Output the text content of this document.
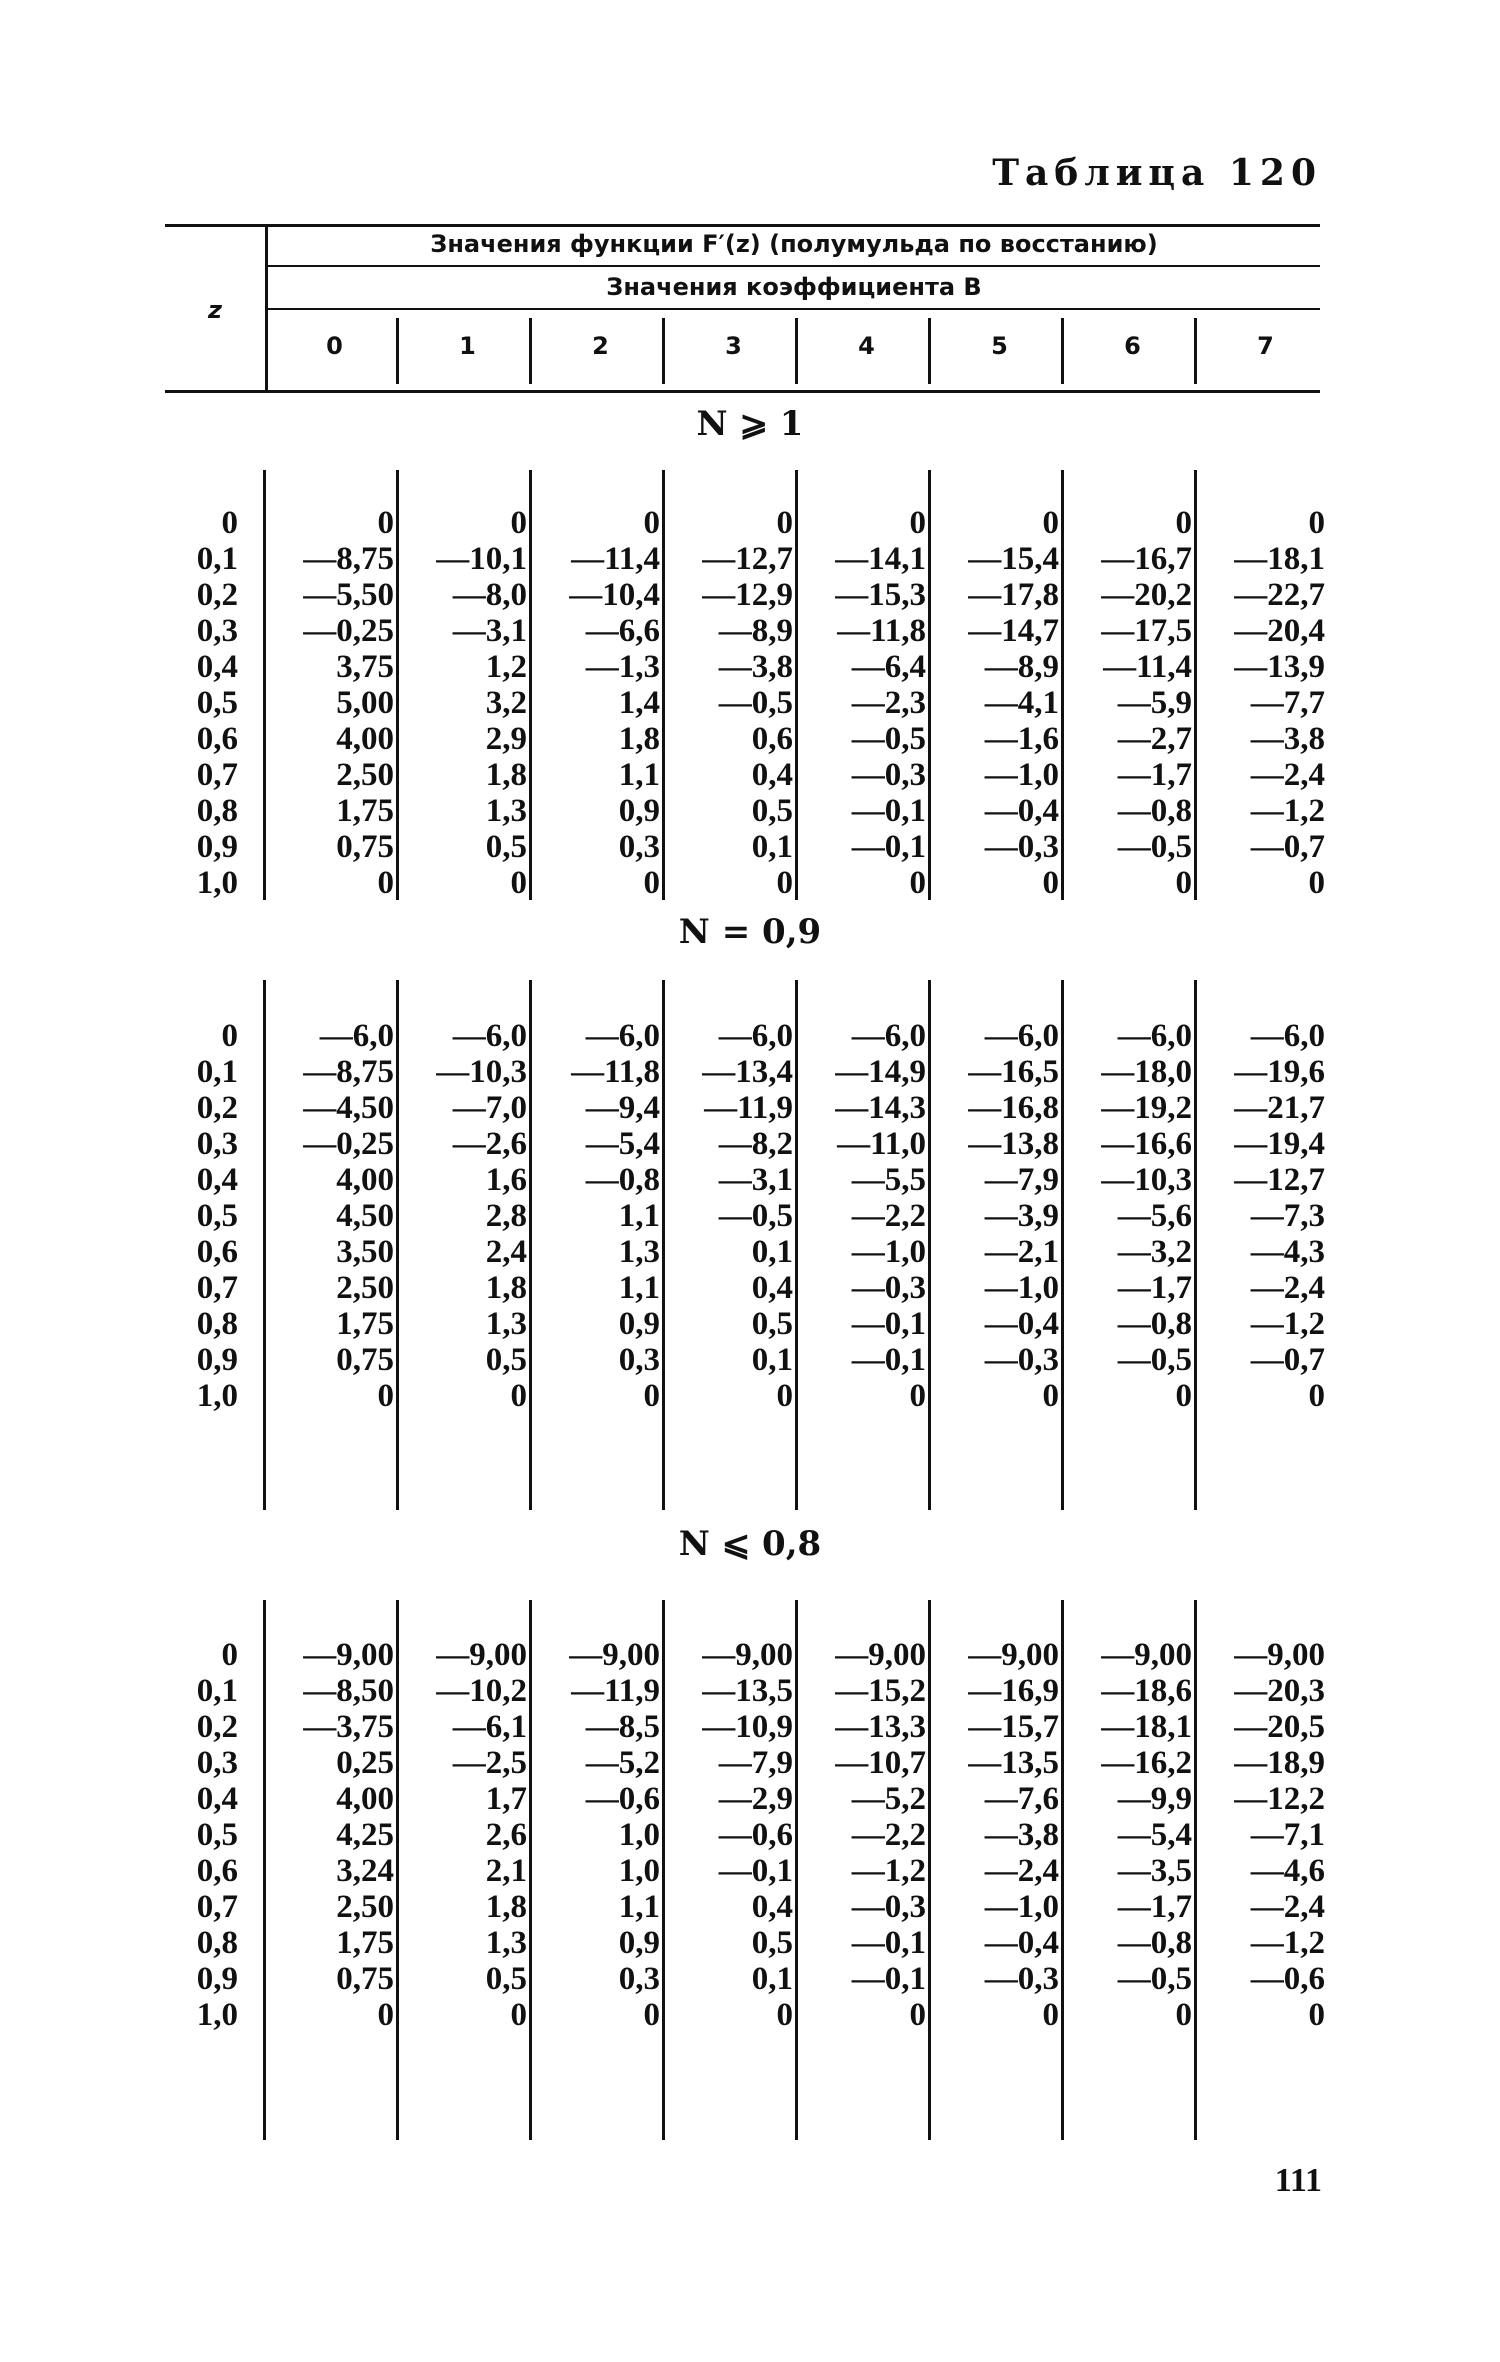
Таблица 120
z
Значения функции F′(z) (полумульда по восстанию)
Значения коэффициента B
0	1	2	3	4	5	6	7
N ⩾ 1
N = 0,9
N ⩽ 0,8
0	0	0	0	0	0	0	0	0
0,1	—8,75	—10,1	—11,4	—12,7	—14,1	—15,4	—16,7	—18,1
0,2	—5,50	—8,0	—10,4	—12,9	—15,3	—17,8	—20,2	—22,7
0,3	—0,25	—3,1	—6,6	—8,9	—11,8	—14,7	—17,5	—20,4
0,4	3,75	1,2	—1,3	—3,8	—6,4	—8,9	—11,4	—13,9
0,5	5,00	3,2	1,4	—0,5	—2,3	—4,1	—5,9	—7,7
0,6	4,00	2,9	1,8	0,6	—0,5	—1,6	—2,7	—3,8
0,7	2,50	1,8	1,1	0,4	—0,3	—1,0	—1,7	—2,4
0,8	1,75	1,3	0,9	0,5	—0,1	—0,4	—0,8	—1,2
0,9	0,75	0,5	0,3	0,1	—0,1	—0,3	—0,5	—0,7
1,0	0	0	0	0	0	0	0	0
0	—6,0	—6,0	—6,0	—6,0	—6,0	—6,0	—6,0	—6,0
0,1	—8,75	—10,3	—11,8	—13,4	—14,9	—16,5	—18,0	—19,6
0,2	—4,50	—7,0	—9,4	—11,9	—14,3	—16,8	—19,2	—21,7
0,3	—0,25	—2,6	—5,4	—8,2	—11,0	—13,8	—16,6	—19,4
0,4	4,00	1,6	—0,8	—3,1	—5,5	—7,9	—10,3	—12,7
0,5	4,50	2,8	1,1	—0,5	—2,2	—3,9	—5,6	—7,3
0,6	3,50	2,4	1,3	0,1	—1,0	—2,1	—3,2	—4,3
0,7	2,50	1,8	1,1	0,4	—0,3	—1,0	—1,7	—2,4
0,8	1,75	1,3	0,9	0,5	—0,1	—0,4	—0,8	—1,2
0,9	0,75	0,5	0,3	0,1	—0,1	—0,3	—0,5	—0,7
1,0	0	0	0	0	0	0	0	0
0	—9,00	—9,00	—9,00	—9,00	—9,00	—9,00	—9,00	—9,00
0,1	—8,50	—10,2	—11,9	—13,5	—15,2	—16,9	—18,6	—20,3
0,2	—3,75	—6,1	—8,5	—10,9	—13,3	—15,7	—18,1	—20,5
0,3	0,25	—2,5	—5,2	—7,9	—10,7	—13,5	—16,2	—18,9
0,4	4,00	1,7	—0,6	—2,9	—5,2	—7,6	—9,9	—12,2
0,5	4,25	2,6	1,0	—0,6	—2,2	—3,8	—5,4	—7,1
0,6	3,24	2,1	1,0	—0,1	—1,2	—2,4	—3,5	—4,6
0,7	2,50	1,8	1,1	0,4	—0,3	—1,0	—1,7	—2,4
0,8	1,75	1,3	0,9	0,5	—0,1	—0,4	—0,8	—1,2
0,9	0,75	0,5	0,3	0,1	—0,1	—0,3	—0,5	—0,6
1,0	0	0	0	0	0	0	0	0
111
